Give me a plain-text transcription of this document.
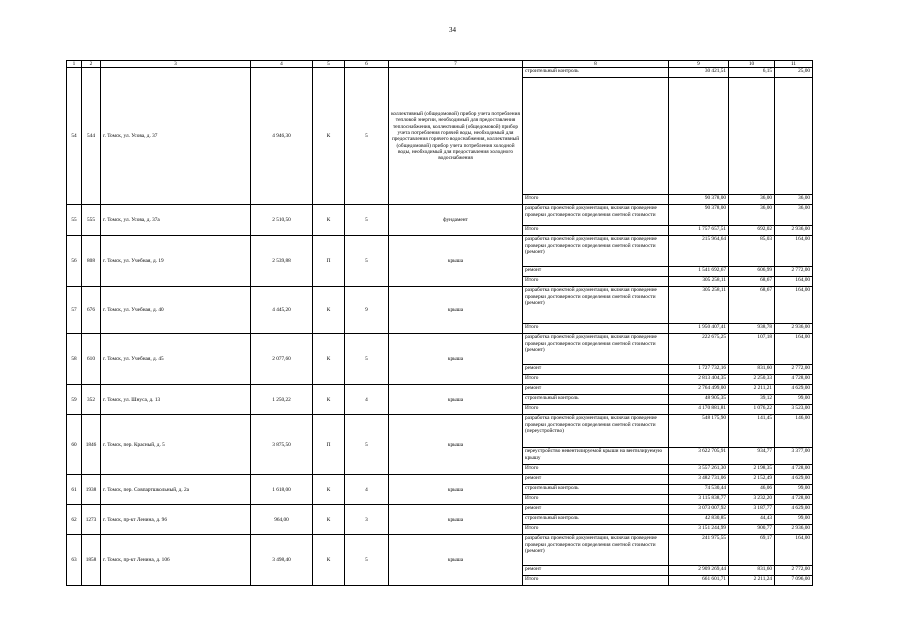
34
1	2	3	4	5	6	7	8	9	10	11
54	544	г. Томск, ул. Усова, д. 37	4 946,30	К	5	коллективный (общедомовой) прибор учета потребления тепловой энергии, необходимый для предоставления теплоснабжения, коллективный (общедомовой) прибор учета потребления горячей воды, необходимый для предоставления горячего водоснабжения, коллективный (общедомовой) прибор учета потребления холодной воды, необходимый для предоставления холодного водоснабжения	строительный контроль	30 421,51	6,15	25,00

							Итого	90 378,00	36,00	36,00
55	555	г. Томск, ул. Усова, д. 37а	2 510,50	К	5	фундамент	разработка проектной документации, включая проведение проверки достоверности определения сметной стоимости	90 378,00	36,00	36,00
							Итого	1 757 657,51	692,02	2 936,00
56	808	г. Томск, ул. Учебная, д. 19	2 539,88	П	5	крыша	разработка проектной документации, включая проведение проверки достоверности определения сметной стоимости (ремонт)	215 964,64	85,03	164,00
							ремонт	1 541 692,67	606,99	2 772,00
							Итого	305 258,11	68,67	164,00
57	676	г. Томск, ул. Учебная, д. 40	4 445,20	К	9	крыша	разработка проектной документации, включая проведение проверки достоверности определения сметной стоимости (ремонт)	305 258,11	68,67	164,00
							Итого	1 950 407,41	938,78	2 936,00
58	610	г. Томск, ул. Учебная, д. 45	2 077,60	К	5	крыша	разработка проектной документации, включая проведение проверки достоверности определения сметной стоимости (ремонт)	222 675,25	107,18	164,00
							ремонт	1 727 732,16	831,60	2 772,00
							Итого	2 813 404,35	2 250,33	4 728,00
59	352	г. Томск, ул. Шнуса, д. 13	1 250,22	К	4	крыша	ремонт	2 764 499,00	2 211,21	4 629,00
							строительный контроль	48 905,35	39,12	99,00
							Итого	4 170 881,81	1 076,22	3 523,00
60	1846	г. Томск, пер. Красный, д. 5	3 875,50	П	5	крыша	разработка проектной документации, включая проведение проверки достоверности определения сметной стоимости (переустройство)	548 175,90	141,45	146,00
							переустройство невентилируемой крыши на вентилируемую крышу	3 622 705,91	934,77	3 377,00
							Итого	3 557 261,30	2 198,35	4 728,00
61	1938	г. Томск, пер. Совпартшкольный, д. 2а	1 618,00	К	4	крыша	ремонт	3 482 731,06	2 152,49	4 629,00
							строительный контроль	74 530,44	46,06	99,00
							Итого	3 115 838,77	3 232,20	4 728,00
62	1273	г. Томск, пр-кт Ленина, д. 96	964,00	К	3	крыша	ремонт	3 073 007,92	3 187,77	4 629,00
							строительный контроль	42 830,85	44,43	99,00
							Итого	3 151 244,99	900,77	2 936,00
63	1858	г. Томск, пр-кт Ленина, д. 106	3 498,40	К	5	крыша	разработка проектной документации, включая проведение проверки достоверности определения сметной стоимости (ремонт)	241 975,55	69,17	164,00
							ремонт	2 909 269,44	831,60	2 772,00
							Итого	661 601,71	2 211,24	7 096,00
